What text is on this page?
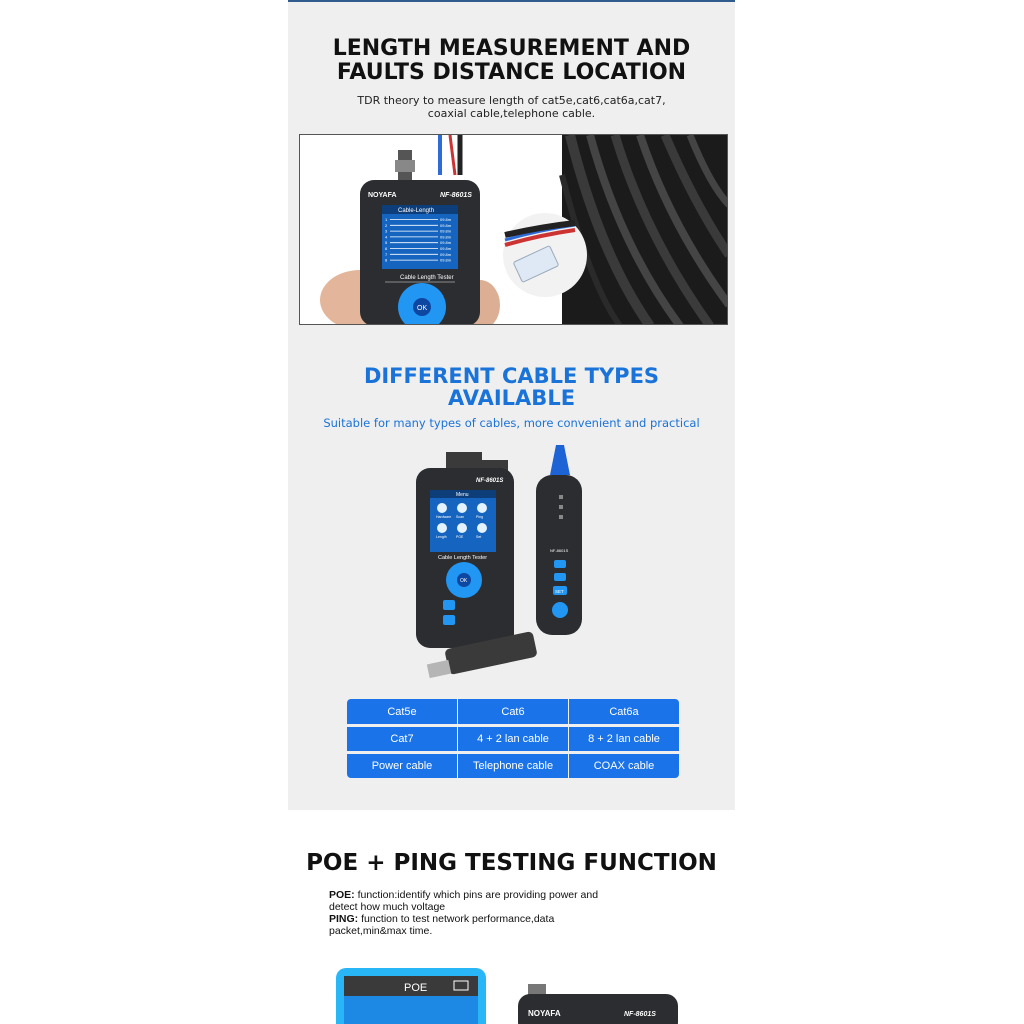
LENGTH MEASUREMENT AND
FAULTS DISTANCE LOCATION
TDR theory to measure length of cat5e,cat6,cat6a,cat7,
coaxial cable,telephone cable.
NOYAFA	NF-8601S
Cable-Length
1	09.8m
2	09.8m
3	09.8m
4	09.8m
5	09.8m
6	09.8m
7	09.8m
8	09.8m
Cable Length Tester
OK
DIFFERENT CABLE TYPES
AVAILABLE
Suitable for many types of cables, more convenient and practical
NF-8601S
Menu
Hardware Scan	Ping
Length	POE	Set
Cable Length Tester
OK
NF-8601S
SET
Cat5e	Cat6	Cat6a
Cat7	4 + 2 lan cable	8 + 2 lan cable
Power cable	Telephone cable	COAX cable
POE + PING TESTING FUNCTION
POE: function:identify which pins are providing power and detect how much voltage
PING: function to test network performance,data packet,min&max time.
POE
NOYAFA	NF-8601S
